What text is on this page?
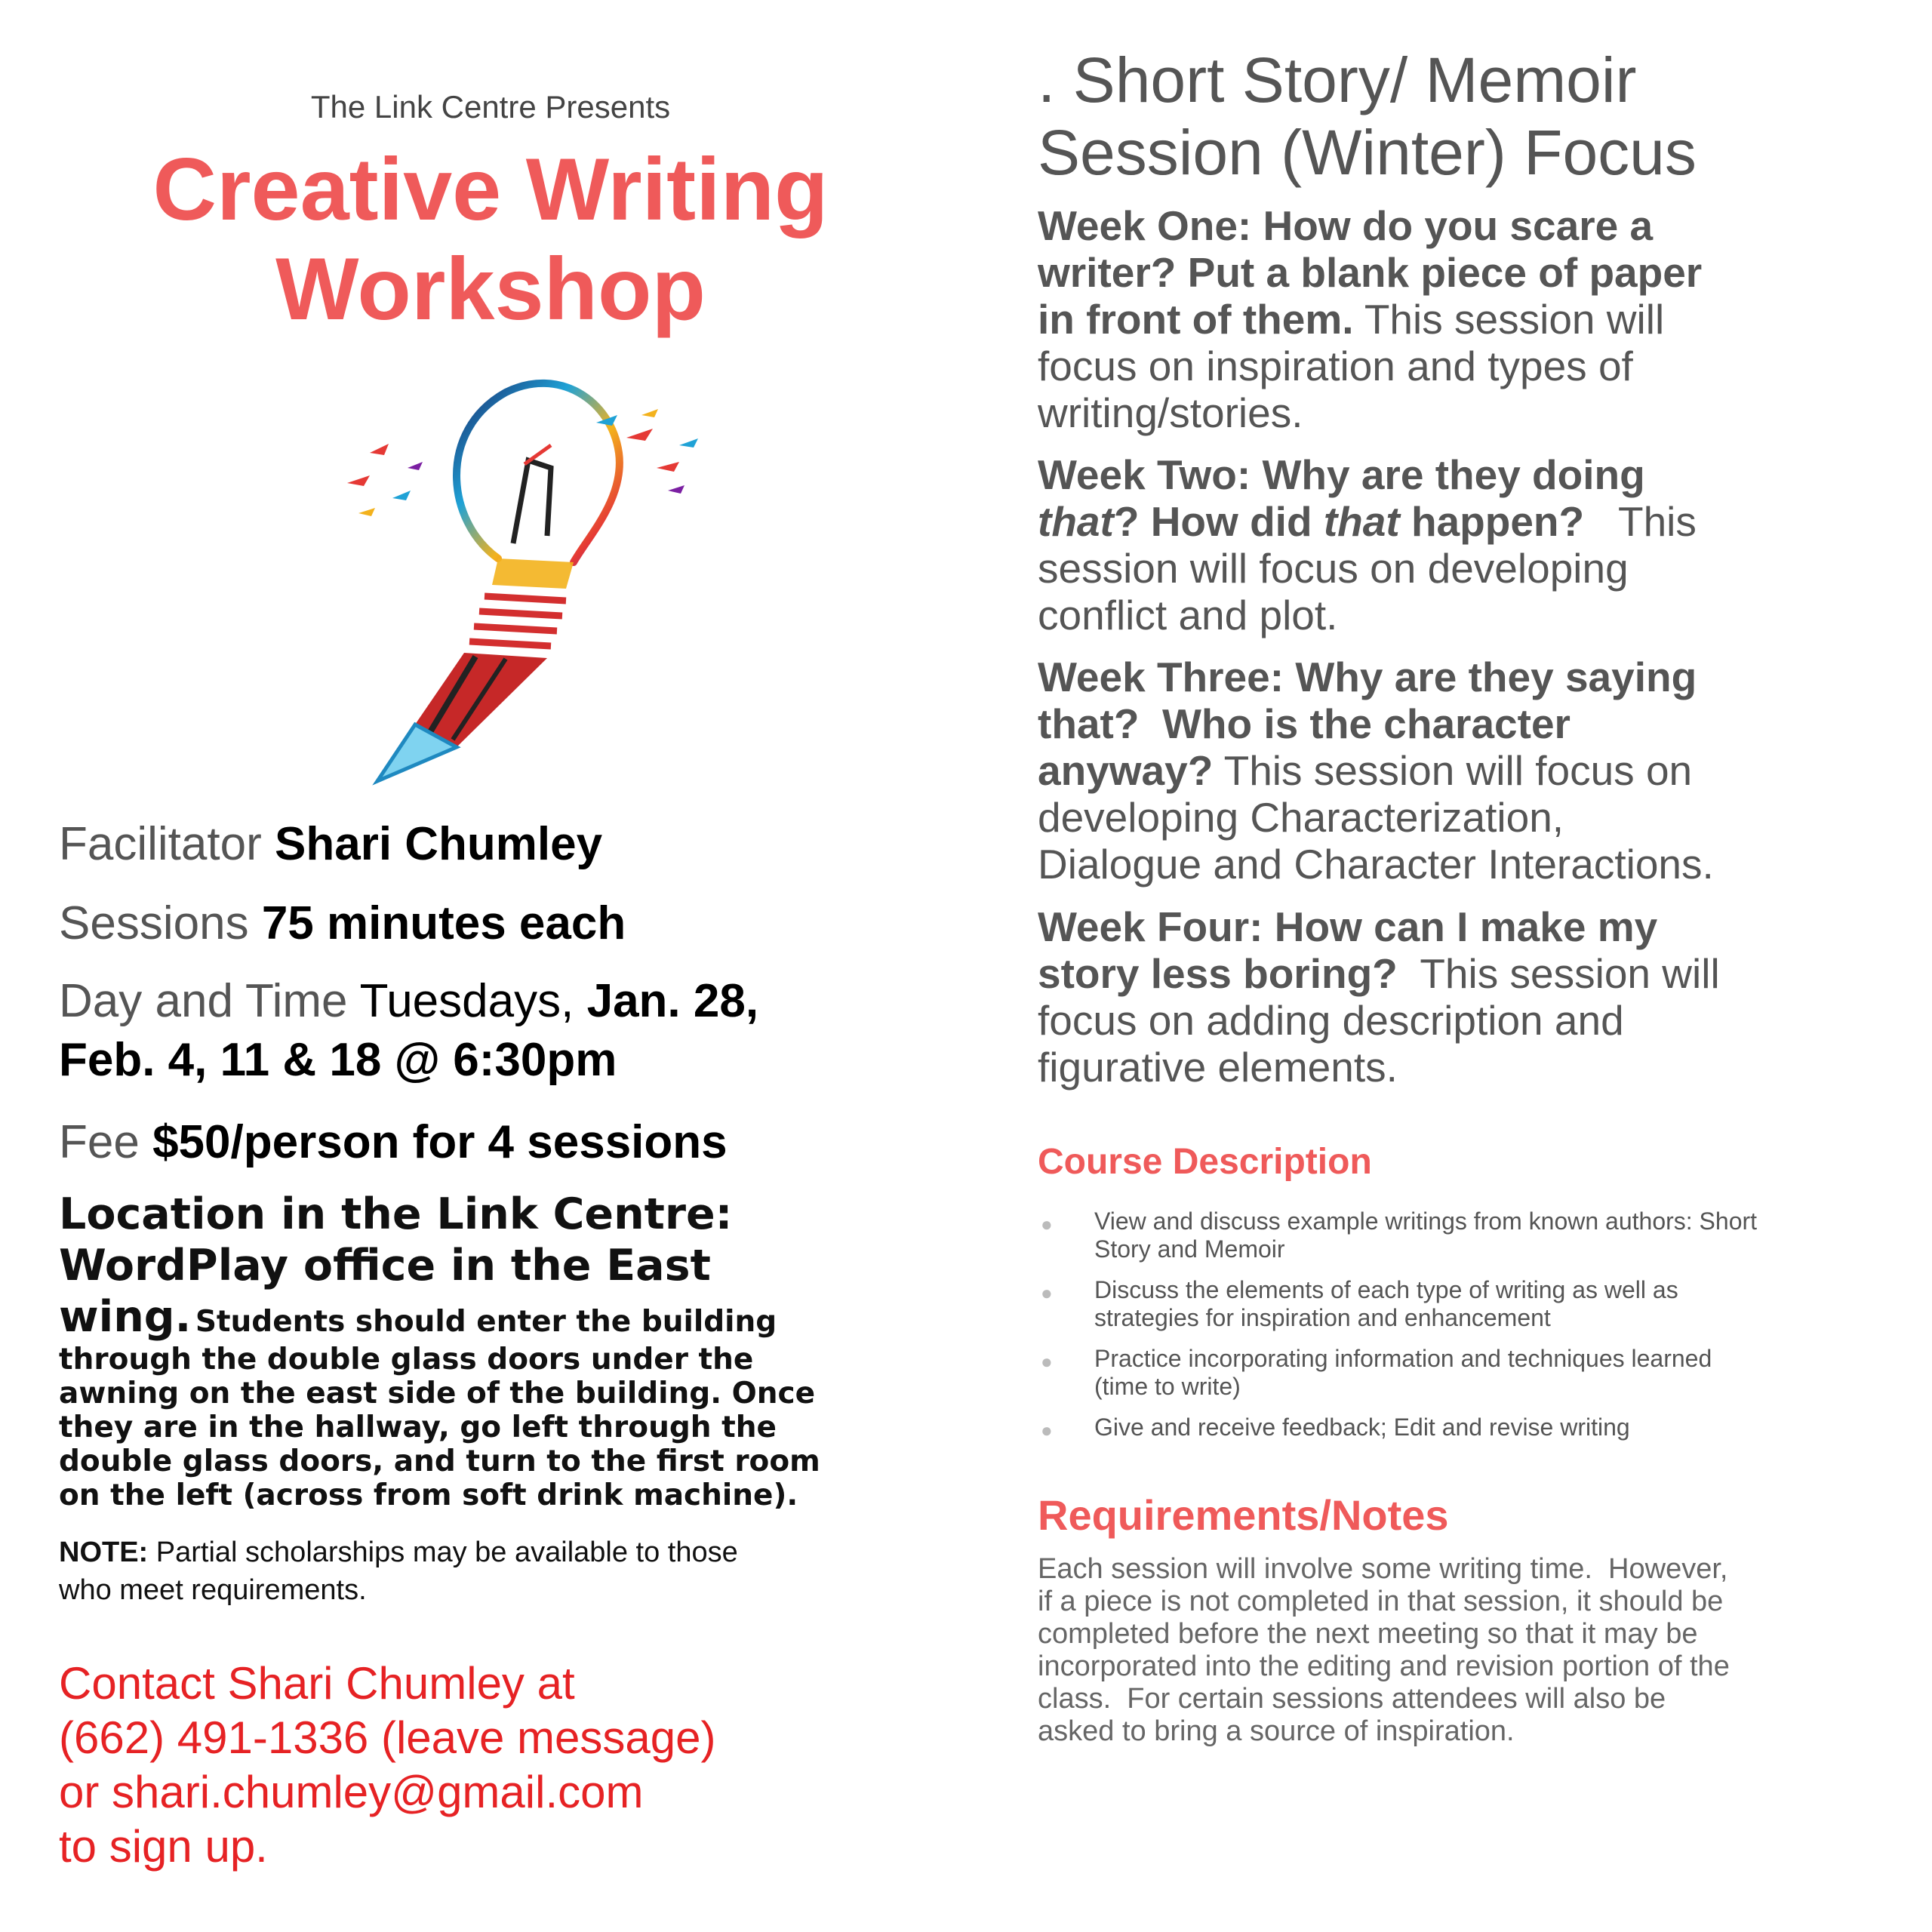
The Link Centre Presents
Creative Writing
Workshop
Facilitator Shari Chumley
Sessions 75 minutes each
Day and Time Tuesdays, Jan. 28,
Feb. 4, 11 & 18 @ 6:30pm
Fee $50/person for 4 sessions
Location in the Link Centre:
WordPlay office in the East
wing. Students should enter the building
through the double glass doors under the
awning on the east side of the building. Once
they are in the hallway, go left through the
double glass doors, and turn to the first room
on the left (across from soft drink machine).
NOTE: Partial scholarships may be available to those
who meet requirements.
Contact Shari Chumley at
(662) 491-1336 (leave message)
or shari.chumley@gmail.com
to sign up.
. Short Story/ Memoir
Session (Winter) Focus
Week One: How do you scare a
writer? Put a blank piece of paper
in front of them. This session will
focus on inspiration and types of
writing/stories.
Week Two: Why are they doing
that? How did that happen?   This
session will focus on developing
conflict and plot.
Week Three: Why are they saying
that?  Who is the character
anyway? This session will focus on
developing Characterization,
Dialogue and Character Interactions.
Week Four: How can I make my
story less boring?  This session will
focus on adding description and
figurative elements.
Course Description
● View and discuss example writings from known authors: Short
Story and Memoir
● Discuss the elements of each type of writing as well as
strategies for inspiration and enhancement
● Practice incorporating information and techniques learned
(time to write)
● Give and receive feedback; Edit and revise writing
Requirements/Notes
Each session will involve some writing time.  However,
if a piece is not completed in that session, it should be
completed before the next meeting so that it may be
incorporated into the editing and revision portion of the
class.  For certain sessions attendees will also be
asked to bring a source of inspiration.
